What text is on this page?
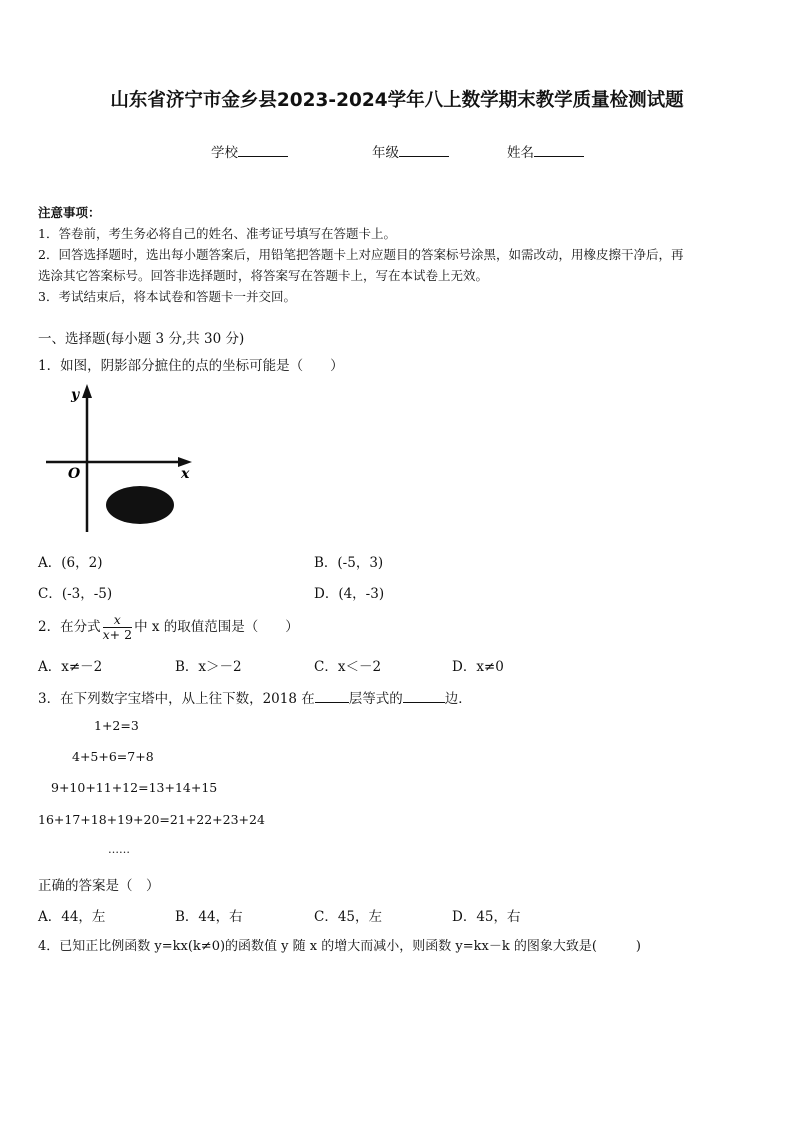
山东省济宁市金乡县2023-2024学年八上数学期末教学质量检测试题
学校	年级	姓名
注意事项：
1．答卷前，考生务必将自己的姓名、准考证号填写在答题卡上。
2．回答选择题时，选出每小题答案后，用铅笔把答题卡上对应题目的答案标号涂黑，如需改动，用橡皮擦干净后，再
选涂其它答案标号。回答非选择题时，将答案写在答题卡上，写在本试卷上无效。
3．考试结束后，将本试卷和答题卡一并交回。
一、选择题(每小题 3 分,共 30 分)
1．如图，阴影部分摭住的点的坐标可能是（　　）
y
x
O
A．(6，2)	B．(-5，3)
C．(-3，-5)	D．(4，-3)
2．在分式 $\frac{x}{x+ 2}$ 中 x 的取值范围是（　　）
A．x≠－2	B．x＞－2	C．x＜－2	D．x≠0
3．在下列数字宝塔中，从上往下数，2018 在	层等式的	边．
1+2=3
4+5+6=7+8
9+10+11+12=13+14+15
16+17+18+19+20=21+22+23+24
……
正确的答案是（　）
A．44，左	B．44，右	C．45，左	D．45，右
4．已知正比例函数 y=kx(k≠0)的函数值 y 随 x 的增大而减小，则函数 y=kx－k 的图象大致是(　　　)
